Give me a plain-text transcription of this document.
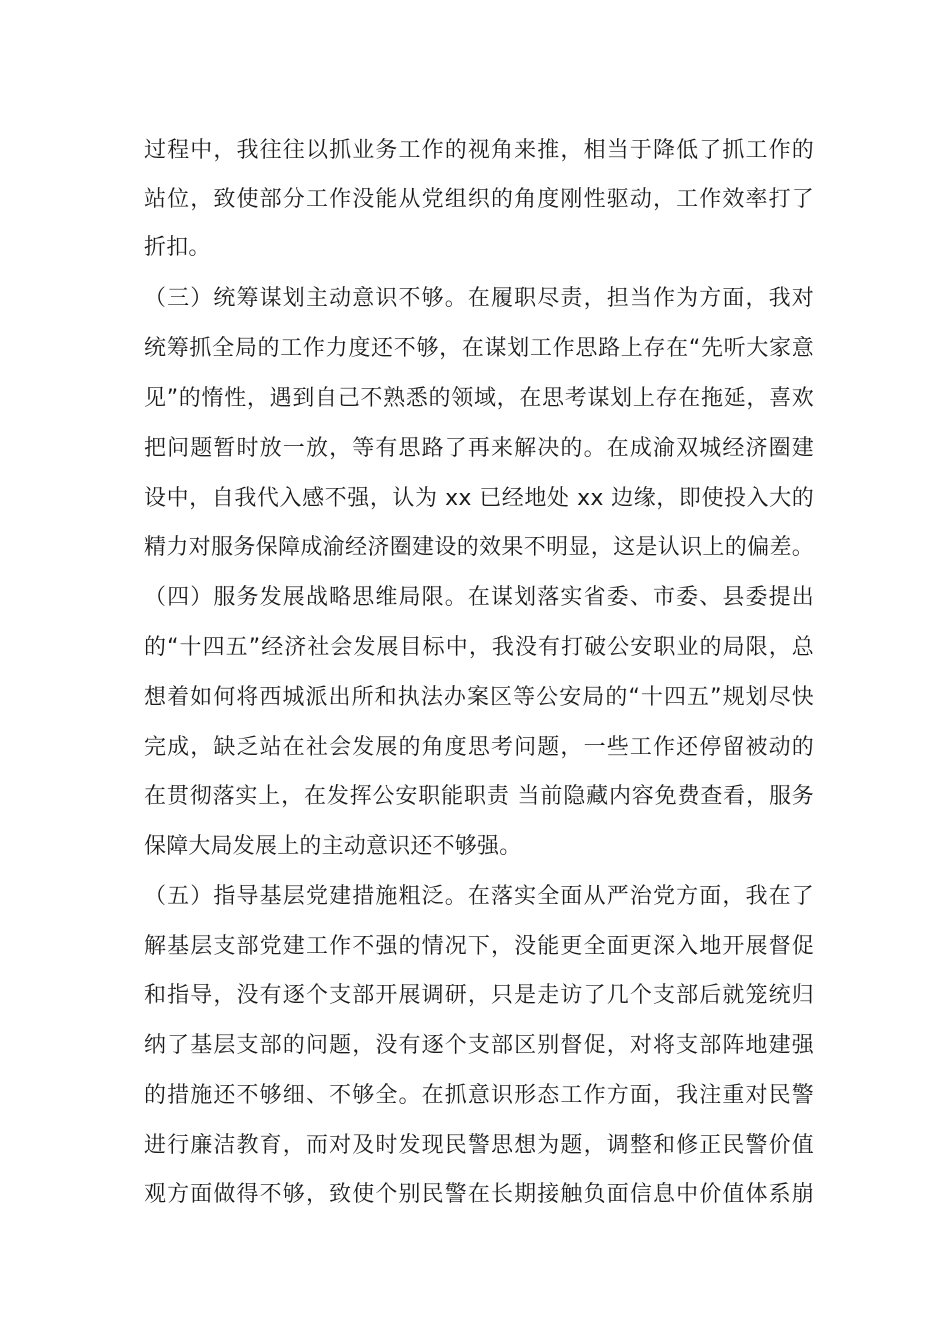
过程中，我往往以抓业务工作的视角来推，相当于降低了抓工作的
站位，致使部分工作没能从党组织的角度刚性驱动，工作效率打了
折扣。
（三）统筹谋划主动意识不够。在履职尽责，担当作为方面，我对
统筹抓全局的工作力度还不够，在谋划工作思路上存在“先听大家意
见”的惰性，遇到自己不熟悉的领域，在思考谋划上存在拖延，喜欢
把问题暂时放一放，等有思路了再来解决的。在成渝双城经济圈建
设中，自我代入感不强，认为 xx 已经地处 xx 边缘，即使投入大的
精力对服务保障成渝经济圈建设的效果不明显，这是认识上的偏差。
（四）服务发展战略思维局限。在谋划落实省委、市委、县委提出
的“十四五”经济社会发展目标中，我没有打破公安职业的局限，总
想着如何将西城派出所和执法办案区等公安局的“十四五”规划尽快
完成，缺乏站在社会发展的角度思考问题，一些工作还停留被动的
在贯彻落实上，在发挥公安职能职责 当前隐藏内容免费查看，服务
保障大局发展上的主动意识还不够强。
（五）指导基层党建措施粗泛。在落实全面从严治党方面，我在了
解基层支部党建工作不强的情况下，没能更全面更深入地开展督促
和指导，没有逐个支部开展调研，只是走访了几个支部后就笼统归
纳了基层支部的问题，没有逐个支部区别督促，对将支部阵地建强
的措施还不够细、不够全。在抓意识形态工作方面，我注重对民警
进行廉洁教育，而对及时发现民警思想为题，调整和修正民警价值
观方面做得不够，致使个别民警在长期接触负面信息中价值体系崩
